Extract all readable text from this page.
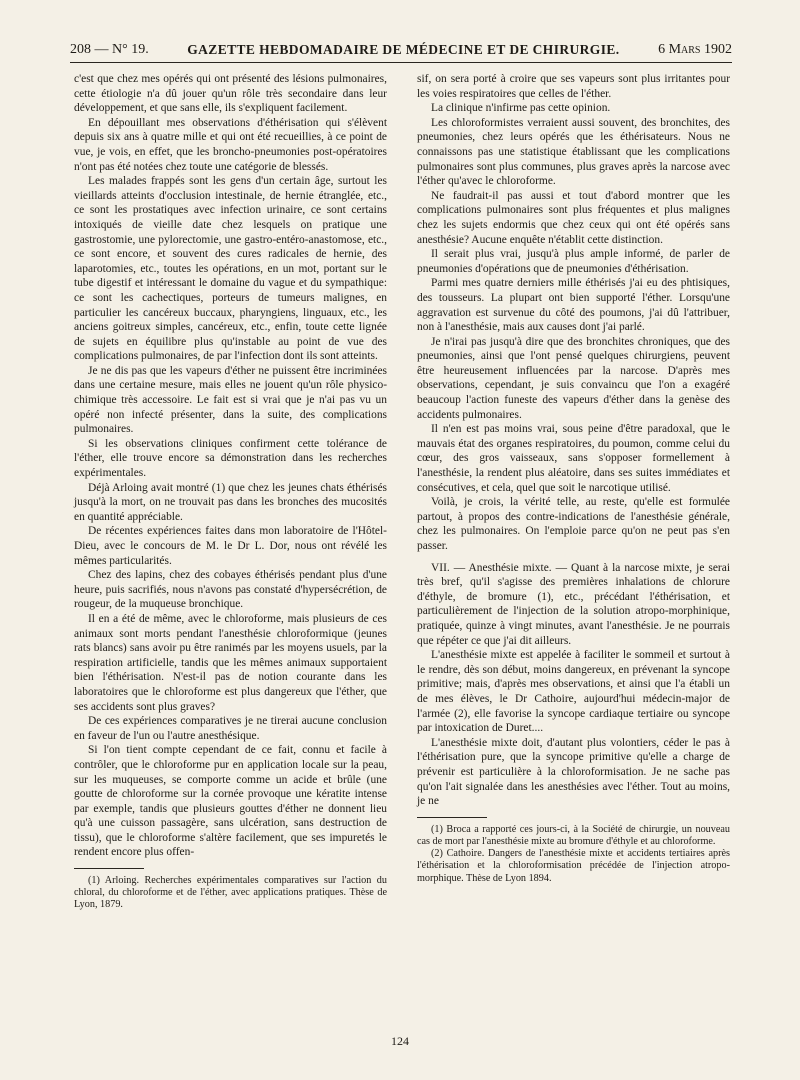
208 — N° 19.	GAZETTE HEBDOMADAIRE DE MÉDECINE ET DE CHIRURGIE.	6 Mars 1902

c'est que chez mes opérés qui ont présenté des lésions pulmonaires, cette étiologie n'a dû jouer qu'un rôle très secondaire dans leur développement, et que sans elle, ils s'expliquent facilement.

En dépouillant mes observations d'éthérisation qui s'élèvent depuis six ans à quatre mille et qui ont été recueillies, à ce point de vue, je vois, en effet, que les broncho-pneumonies post-opératoires n'ont pas été notées chez toute une catégorie de blessés.

Les malades frappés sont les gens d'un certain âge, surtout les vieillards atteints d'occlusion intestinale, de hernie étranglée, etc., ce sont les prostatiques avec infection urinaire, ce sont certains intoxiqués de vieille date chez lesquels on pratique une gastrostomie, une pylorectomie, une gastro-entéro-anastomose, etc., ce sont encore, et souvent des cures radicales de hernie, des laparotomies, etc., toutes les opérations, en un mot, portant sur le tube digestif et intéressant le domaine du vague et du sympathique: ce sont les cachectiques, porteurs de tumeurs malignes, en particulier les cancéreux buccaux, pharyngiens, linguaux, etc., les anciens goitreux simples, cancéreux, etc., enfin, toute cette lignée de sujets en équilibre plus qu'instable au point de vue des complications pulmonaires, de par l'infection dont ils sont atteints.

Je ne dis pas que les vapeurs d'éther ne puissent être incriminées dans une certaine mesure, mais elles ne jouent qu'un rôle physico-chimique très accessoire. Le fait est si vrai que je n'ai pas vu un opéré non infecté présenter, dans la suite, des complications pulmonaires.

Si les observations cliniques confirment cette tolérance de l'éther, elle trouve encore sa démonstration dans les recherches expérimentales.

Déjà Arloing avait montré (1) que chez les jeunes chats éthérisés jusqu'à la mort, on ne trouvait pas dans les bronches des mucosités en quantité appréciable.

De récentes expériences faites dans mon laboratoire de l'Hôtel-Dieu, avec le concours de M. le Dr L. Dor, nous ont révélé les mêmes particularités.

Chez des lapins, chez des cobayes éthérisés pendant plus d'une heure, puis sacrifiés, nous n'avons pas constaté d'hypersécrétion, de rougeur, de la muqueuse bronchique.

Il en a été de même, avec le chloroforme, mais plusieurs de ces animaux sont morts pendant l'anesthésie chloroformique (jeunes rats blancs) sans avoir pu être ranimés par les moyens usuels, par la respiration artificielle, tandis que les mêmes animaux supportaient bien l'éthérisation. N'est-il pas de notion courante dans les laboratoires que le chloroforme est plus dangereux que l'éther, que ses accidents sont plus graves?

De ces expériences comparatives je ne tirerai aucune conclusion en faveur de l'un ou l'autre anesthésique.

Si l'on tient compte cependant de ce fait, connu et facile à contrôler, que le chloroforme pur en application locale sur la peau, sur les muqueuses, se comporte comme un acide et brûle (une goutte de chloroforme sur la cornée provoque une kératite intense par exemple, tandis que plusieurs gouttes d'éther ne donnent lieu qu'à une cuisson passagère, sans ulcération, sans destruction de tissu), que le chloroforme s'altère facilement, que ses impuretés le rendent encore plus offen-

(1) Arloing. Recherches expérimentales comparatives sur l'action du chloral, du chloroforme et de l'éther, avec applications pratiques. Thèse de Lyon, 1879.

sif, on sera porté à croire que ses vapeurs sont plus irritantes pour les voies respiratoires que celles de l'éther.

La clinique n'infirme pas cette opinion.

Les chloroformistes verraient aussi souvent, des bronchites, des pneumonies, chez leurs opérés que les éthérisateurs. Nous ne connaissons pas une statistique établissant que les complications pulmonaires sont plus communes, plus graves après la narcose avec l'éther qu'avec le chloroforme.

Ne faudrait-il pas aussi et tout d'abord montrer que les complications pulmonaires sont plus fréquentes et plus malignes chez les sujets endormis que chez ceux qui ont été opérés sans anesthésie? Aucune enquête n'établit cette distinction.

Il serait plus vrai, jusqu'à plus ample informé, de parler de pneumonies d'opérations que de pneumonies d'éthérisation.

Parmi mes quatre derniers mille éthérisés j'ai eu des phtisiques, des tousseurs. La plupart ont bien supporté l'éther. Lorsqu'une aggravation est survenue du côté des poumons, j'ai dû l'attribuer, non à l'anesthésie, mais aux causes dont j'ai parlé.

Je n'irai pas jusqu'à dire que des bronchites chroniques, que des pneumonies, ainsi que l'ont pensé quelques chirurgiens, peuvent être heureusement influencées par la narcose. D'après mes observations, cependant, je suis convaincu que l'on a exagéré beaucoup l'action funeste des vapeurs d'éther dans la genèse des accidents pulmonaires.

Il n'en est pas moins vrai, sous peine d'être paradoxal, que le mauvais état des organes respiratoires, du poumon, comme celui du cœur, des gros vaisseaux, sans s'opposer formellement à l'anesthésie, la rendent plus aléatoire, dans ses suites immédiates et consécutives, et cela, quel que soit le narcotique utilisé.

Voilà, je crois, la vérité telle, au reste, qu'elle est formulée partout, à propos des contre-indications de l'anesthésie générale, chez les pulmonaires. On l'emploie parce qu'on ne peut pas s'en passer.

VII. — Anesthésie mixte. — Quant à la narcose mixte, je serai très bref, qu'il s'agisse des premières inhalations de chlorure d'éthyle, de bromure (1), etc., précédant l'éthérisation, et particulièrement de l'injection de la solution atropo-morphinique, pratiquée, quinze à vingt minutes, avant l'anesthésie. Je ne pourrais que répéter ce que j'ai dit ailleurs.

L'anesthésie mixte est appelée à faciliter le sommeil et surtout à le rendre, dès son début, moins dangereux, en prévenant la syncope primitive; mais, d'après mes observations, et ainsi que l'a établi un de mes élèves, le Dr Cathoire, aujourd'hui médecin-major de l'armée (2), elle favorise la syncope cardiaque tertiaire ou syncope par intoxication de Duret....

L'anesthésie mixte doit, d'autant plus volontiers, céder le pas à l'éthérisation pure, que la syncope primitive qu'elle a charge de prévenir est particulière à la chloroformisation. Je ne sache pas qu'on l'ait signalée dans les anesthésies avec l'éther. Tout au moins, je ne

(1) Broca a rapporté ces jours-ci, à la Société de chirurgie, un nouveau cas de mort par l'anesthésie mixte au bromure d'éthyle et au chloroforme.

(2) Cathoire. Dangers de l'anesthésie mixte et accidents tertiaires après l'éthérisation et la chloroformisation précédée de l'injection atropo-morphique. Thèse de Lyon 1894.

124
